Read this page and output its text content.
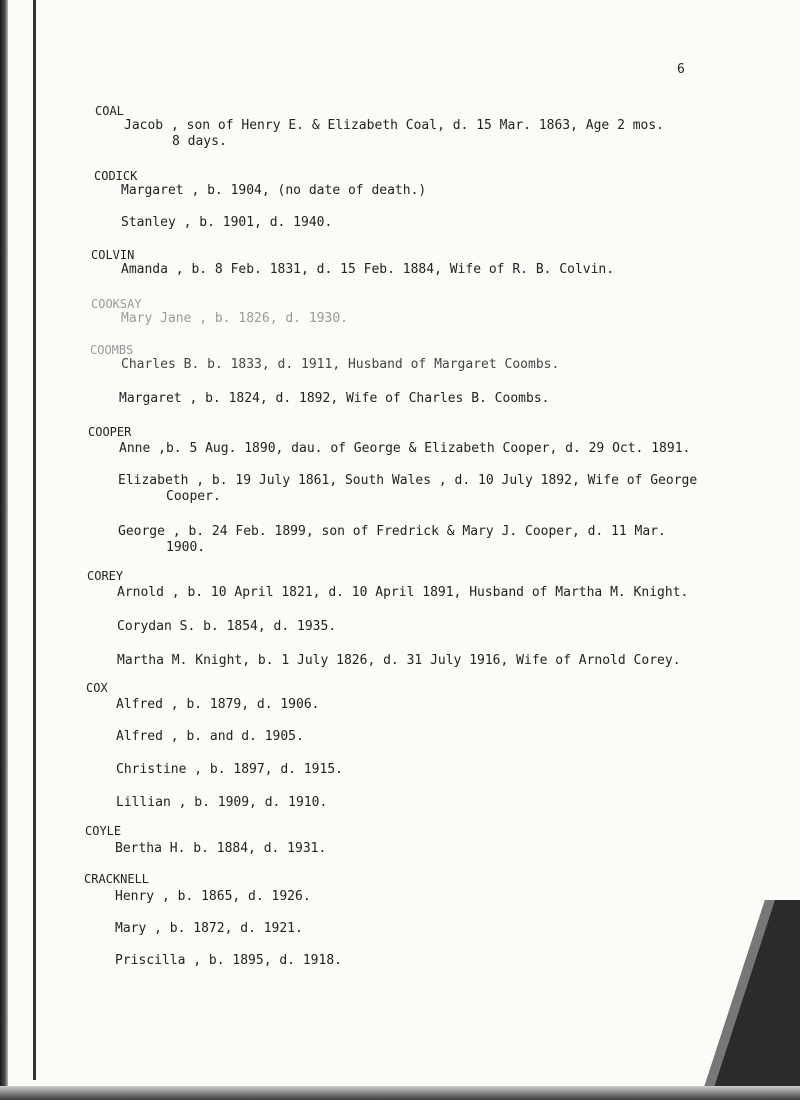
6
COAL
Jacob , son of Henry E. & Elizabeth Coal, d. 15 Mar. 1863, Age 2 mos.
8 days.
CODICK
Margaret , b. 1904, (no date of death.)
Stanley , b. 1901, d. 1940.
COLVIN
Amanda , b. 8 Feb. 1831, d. 15 Feb. 1884, Wife of R. B. Colvin.
COOKSAY
Mary Jane , b. 1826, d. 1930.
COOMBS
Charles B. b. 1833, d. 1911, Husband of Margaret Coombs.
Margaret , b. 1824, d. 1892, Wife of Charles B. Coombs.
COOPER
Anne ,b. 5 Aug. 1890, dau. of George & Elizabeth Cooper, d. 29 Oct. 1891.
Elizabeth , b. 19 July 1861, South Wales , d. 10 July 1892, Wife of George
Cooper.
George , b. 24 Feb. 1899, son of Fredrick & Mary J. Cooper, d. 11 Mar.
1900.
COREY
Arnold , b. 10 April 1821, d. 10 April 1891, Husband of Martha M. Knight.
Corydan S. b. 1854, d. 1935.
Martha M. Knight, b. 1 July 1826, d. 31 July 1916, Wife of Arnold Corey.
COX
Alfred , b. 1879, d. 1906.
Alfred , b. and d. 1905.
Christine , b. 1897, d. 1915.
Lillian , b. 1909, d. 1910.
COYLE
Bertha H. b. 1884, d. 1931.
CRACKNELL
Henry , b. 1865, d. 1926.
Mary , b. 1872, d. 1921.
Priscilla , b. 1895, d. 1918.
